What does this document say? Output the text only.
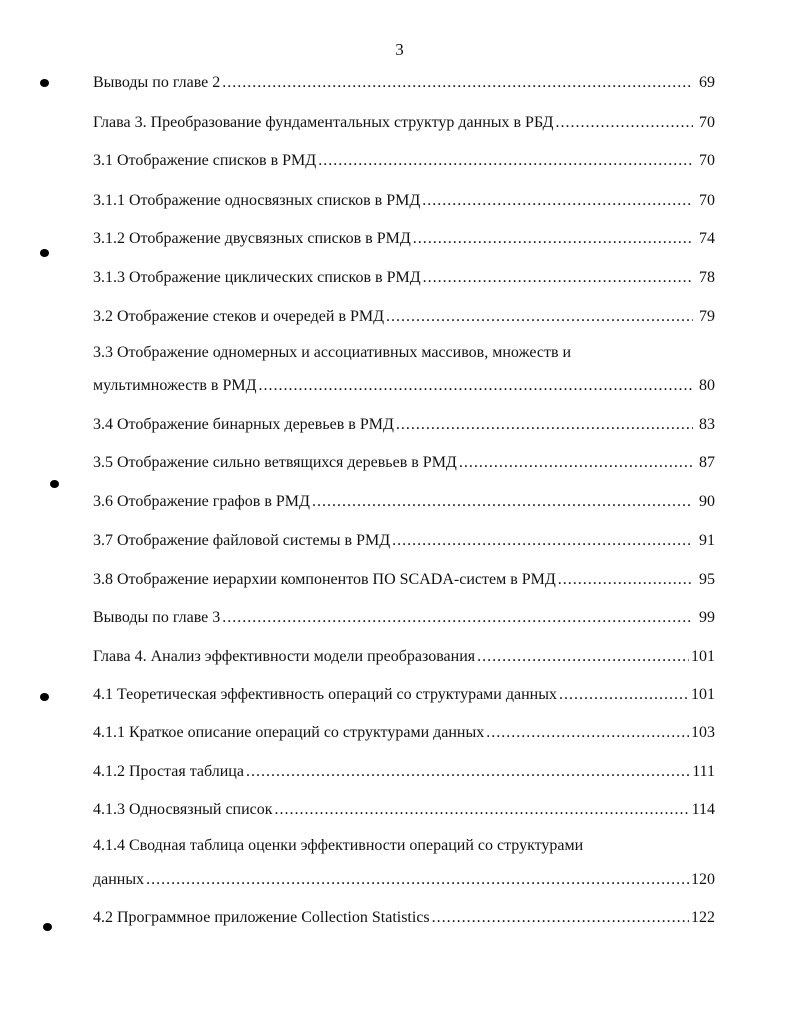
3
Выводы по главе 2 .....	69
Глава 3. Преобразование фундаментальных структур данных в РБД .....	70
3.1 Отображение списков в РМД .....	70
3.1.1 Отображение односвязных списков в РМД .....	70
3.1.2 Отображение двусвязных списков в РМД .....	74
3.1.3 Отображение циклических списков в РМД .....	78
3.2 Отображение стеков и очередей в РМД .....	79
3.3 Отображение одномерных и ассоциативных массивов, множеств и
мультимножеств в РМД .....	80
3.4 Отображение бинарных деревьев в РМД .....	83
3.5 Отображение сильно ветвящихся деревьев в РМД .....	87
3.6 Отображение графов в РМД .....	90
3.7 Отображение файловой системы в РМД .....	91
3.8 Отображение иерархии компонентов ПО SCADA-систем в РМД .....	95
Выводы по главе 3 .....	99
Глава 4. Анализ эффективности модели преобразования .....	101
4.1 Теоретическая эффективность операций со структурами данных .....	101
4.1.1 Краткое описание операций со структурами данных .....	103
4.1.2 Простая таблица .....	111
4.1.3 Односвязный список .....	114
4.1.4 Сводная таблица оценки эффективности операций со структурами
данных .....	120
4.2 Программное приложение Collection Statistics .....	122
